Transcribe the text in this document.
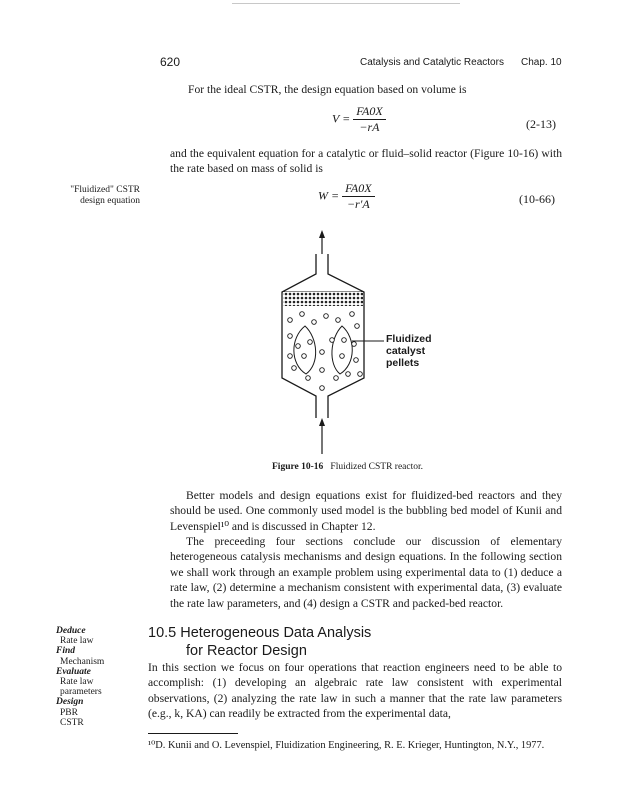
620	Catalysis and Catalytic Reactors Chap. 10

For the ideal CSTR, the design equation based on volume is

$V = \frac{FA0X}{-rA}$	(2-13)

and the equivalent equation for a catalytic or fluid–solid reactor (Figure 10-16) with the rate based on mass of solid is

"Fluidized" CSTR
design equation	$W = \frac{FA0X}{-r'A}$	(10-66)
Fluidized
catalyst
pellets
Figure 10-16 Fluidized CSTR reactor.

Better models and design equations exist for fluidized-bed reactors and they should be used. One commonly used model is the bubbling bed model of Kunii and Levenspiel¹⁰ and is discussed in Chapter 12.

The preceeding four sections conclude our discussion of elementary heterogeneous catalysis mechanisms and design equations. In the following section we shall work through an example problem using experimental data to (1) deduce a rate law, (2) determine a mechanism consistent with experimental data, (3) evaluate the rate law parameters, and (4) design a CSTR and packed-bed reactor.

Deduce
Rate law
Find
Mechanism
Evaluate
Rate law
parameters
Design
PBR
CSTR
10.5 Heterogeneous Data Analysis
for Reactor Design

In this section we focus on four operations that reaction engineers need to be able to accomplish: (1) developing an algebraic rate law consistent with experimental observations, (2) analyzing the rate law in such a manner that the rate law parameters (e.g., k, KA) can readily be extracted from the experimental data,

¹⁰D. Kunii and O. Levenspiel, Fluidization Engineering, R. E. Krieger, Huntington, N.Y., 1977.
